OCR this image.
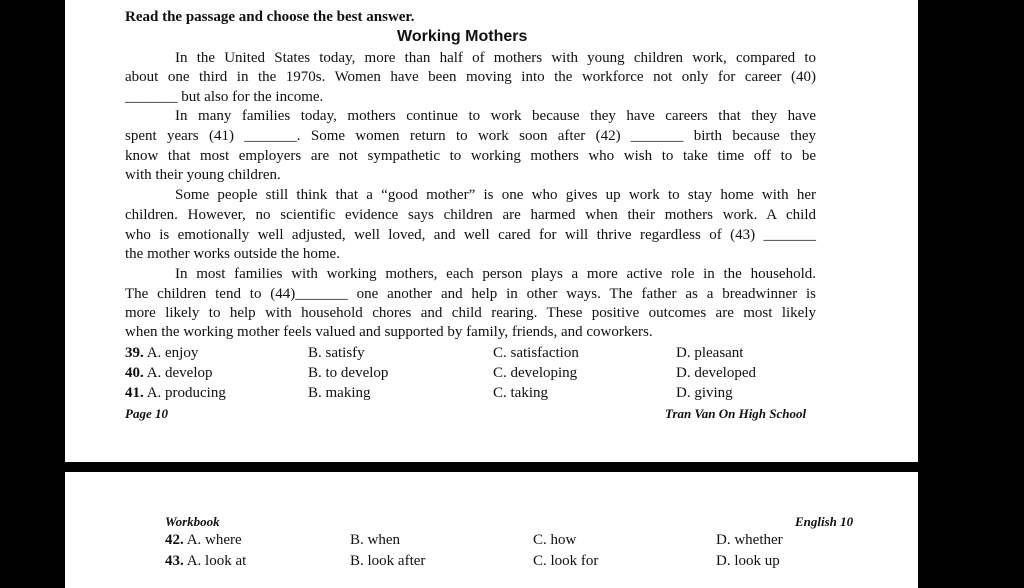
Read the passage and choose the best answer.
Working Mothers
In the United States today, more than half of mothers with young children work, compared to
about one third in the 1970s. Women have been moving into the workforce not only for career (40)
_______ but also for the income.
In many families today, mothers continue to work because they have careers that they have
spent years (41) _______. Some women return to work soon after (42) _______ birth because they
know that most employers are not sympathetic to working mothers who wish to take time off to be
with their young children.
Some people still think that a “good mother” is one who gives up work to stay home with her
children. However, no scientific evidence says children are harmed when their mothers work. A child
who is emotionally well adjusted, well loved, and well cared for will thrive regardless of (43) _______
the mother works outside the home.
In most families with working mothers, each person plays a more active role in the household.
The children tend to (44)_______ one another and help in other ways. The father as a breadwinner is
more likely to help with household chores and child rearing. These positive outcomes are most likely
when the working mother feels valued and supported by family, friends, and coworkers.
39. A. enjoy	B. satisfy	C. satisfaction	D. pleasant
40. A. develop	B. to develop	C. developing	D. developed
41. A. producing	B. making	C. taking	D. giving
Page 10	Tran Van On High School
Workbook	English 10
42. A. where	B. when	C. how	D. whether
43. A. look at	B. look after	C. look for	D. look up
